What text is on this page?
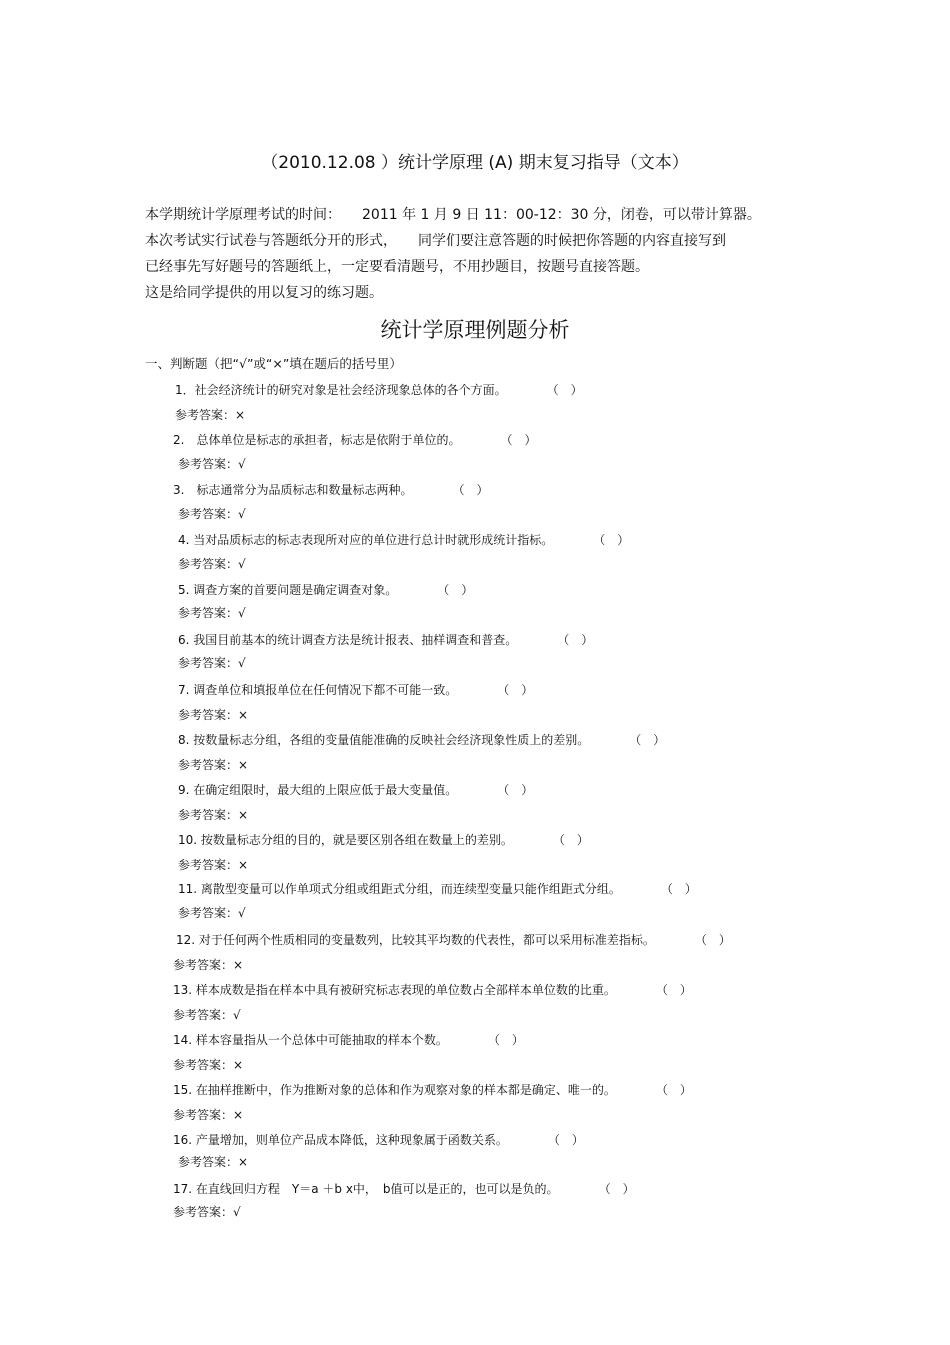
（2010.12.08 ）统计学原理 (A) 期末复习指导（文本）
本学期统计学原理考试的时间：　　2011 年 1 月 9 日 11：00-12：30 分，闭卷，可以带计算器。
本次考试实行试卷与答题纸分开的形式，　　同学们要注意答题的时候把你答题的内容直接写到
已经事先写好题号的答题纸上，一定要看清题号，不用抄题目，按题号直接答题。
这是给同学提供的用以复习的练习题。
统计学原理例题分析
一、判断题（把“√”或“×”填在题后的括号里）
1．社会经济统计的研究对象是社会经济现象总体的各个方面。	（　）
参考答案：×
2.　总体单位是标志的承担者，标志是依附于单位的。	（　）
参考答案：√
3.　标志通常分为品质标志和数量标志两种。	（　）
参考答案：√
4. 当对品质标志的标志表现所对应的单位进行总计时就形成统计指标。	（　）
参考答案：√
5. 调查方案的首要问题是确定调查对象。	（　）
参考答案：√
6. 我国目前基本的统计调查方法是统计报表、抽样调查和普查。	（　）
参考答案：√
7. 调查单位和填报单位在任何情况下都不可能一致。	（　）
参考答案：×
8. 按数量标志分组，各组的变量值能准确的反映社会经济现象性质上的差别。	（　）
参考答案：×
9. 在确定组限时，最大组的上限应低于最大变量值。	（　）
参考答案：×
10. 按数量标志分组的目的，就是要区别各组在数量上的差别。	（　）
参考答案：×
11. 离散型变量可以作单项式分组或组距式分组，而连续型变量只能作组距式分组。	（　）
参考答案：√
12. 对于任何两个性质相同的变量数列，比较其平均数的代表性，都可以采用标准差指标。	（　）
参考答案：×
13. 样本成数是指在样本中具有被研究标志表现的单位数占全部样本单位数的比重。	（　）
参考答案：√
14. 样本容量指从一个总体中可能抽取的样本个数。	（　）
参考答案：×
15. 在抽样推断中，作为推断对象的总体和作为观察对象的样本都是确定、唯一的。	（　）
参考答案：×
16. 产量增加，则单位产品成本降低，这种现象属于函数关系。	（　）
参考答案：×
17. 在直线回归方程　Y＝a ＋b x中，　b值可以是正的，也可以是负的。	（　）
参考答案：√
